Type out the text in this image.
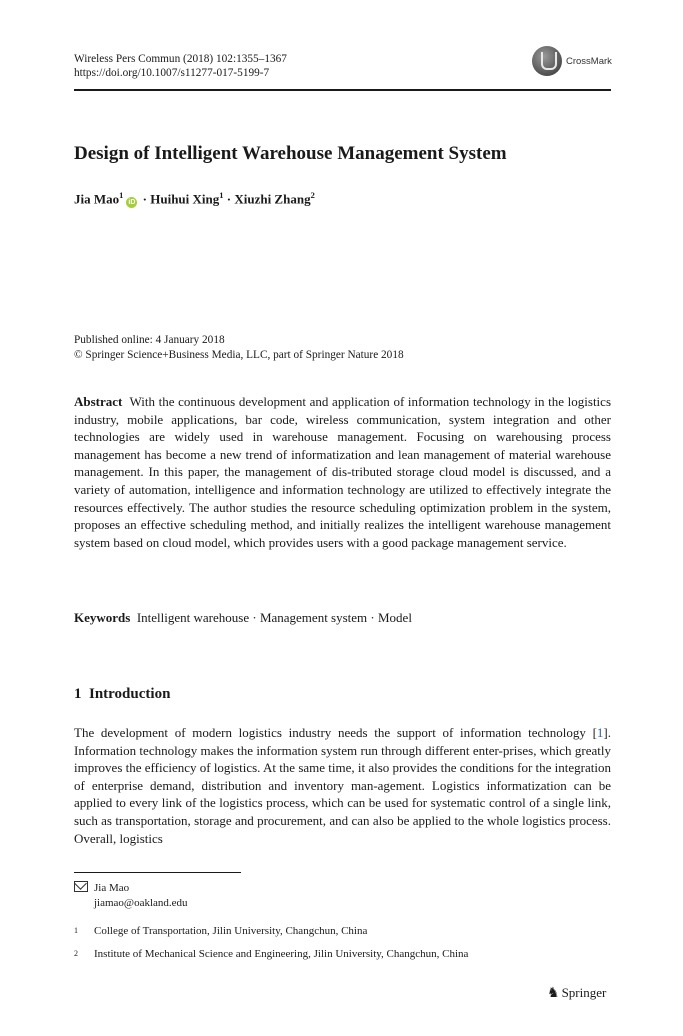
Wireless Pers Commun (2018) 102:1355–1367
https://doi.org/10.1007/s11277-017-5199-7
CrossMark
Design of Intelligent Warehouse Management System
Jia Mao$^1$iD · Huihui Xing$^1$ · Xiuzhi Zhang$^2$
Published online: 4 January 2018
© Springer Science+Business Media, LLC, part of Springer Nature 2018
Abstract With the continuous development and application of information technology in the logistics industry, mobile applications, bar code, wireless communication, system integration and other technologies are widely used in warehouse management. Focusing on warehousing process management has become a new trend of informatization and lean management of material warehouse management. In this paper, the management of dis-tributed storage cloud model is discussed, and a variety of automation, intelligence and information technology are utilized to effectively integrate the resources effectively. The author studies the resource scheduling optimization problem in the system, proposes an effective scheduling method, and initially realizes the intelligent warehouse management system based on cloud model, which provides users with a good package management service.
Keywords Intelligent warehouse · Management system · Model
1 Introduction
The development of modern logistics industry needs the support of information technology [1]. Information technology makes the information system run through different enter-prises, which greatly improves the efficiency of logistics. At the same time, it also provides the conditions for the integration of enterprise demand, distribution and inventory man-agement. Logistics informatization can be applied to every link of the logistics process, which can be used for systematic control of a single link, such as transportation, storage and procurement, and can also be applied to the whole logistics process. Overall, logistics
Jia Mao
jiamao@oakland.edu
1 College of Transportation, Jilin University, Changchun, China
2 Institute of Mechanical Science and Engineering, Jilin University, Changchun, China
♞ Springer
